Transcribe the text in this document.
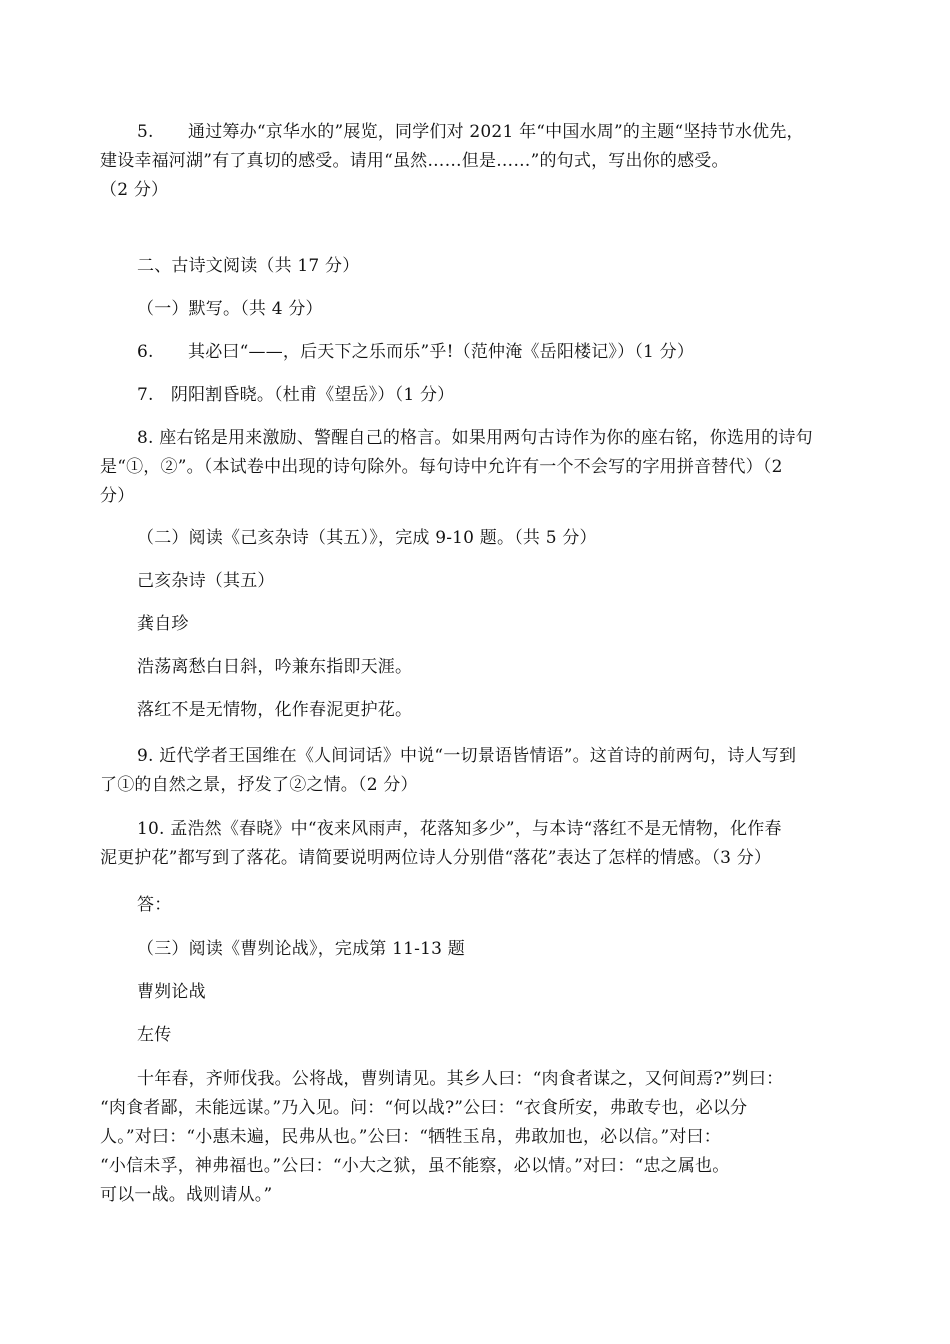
5.　　通过筹办“京华水的”展览，同学们对 2021 年“中国水周”的主题“坚持节水优先，
建设幸福河湖”有了真切的感受。请用“虽然……但是……”的句式，写出你的感受。
（2 分）
二、古诗文阅读（共 17 分）
（一）默写。（共 4 分）
6.　　其必曰“——，后天下之乐而乐”乎!（范仲淹《岳阳楼记》）（1 分）
7.　阴阳割昏晓。（杜甫《望岳》）（1 分）
8. 座右铭是用来激励、警醒自己的格言。如果用两句古诗作为你的座右铭，你选用的诗句
是“①，②”。（本试卷中出现的诗句除外。每句诗中允许有一个不会写的字用拼音替代）（2
分）
（二）阅读《己亥杂诗（其五）》，完成 9-10 题。（共 5 分）
己亥杂诗（其五）
龚自珍
浩荡离愁白日斜，吟兼东指即天涯。
落红不是无情物，化作春泥更护花。
9. 近代学者王国维在《人间词话》中说“一切景语皆情语”。这首诗的前两句，诗人写到
了①的自然之景，抒发了②之情。（2 分）
10. 孟浩然《春晓》中“夜来风雨声，花落知多少”，与本诗“落红不是无情物，化作春
泥更护花”都写到了落花。请简要说明两位诗人分别借“落花”表达了怎样的情感。（3 分）
答：
（三）阅读《曹刿论战》，完成第 11-13 题
曹刿论战
左传
十年春，齐师伐我。公将战，曹刿请见。其乡人曰：“肉食者谋之，又何间焉?”刿曰：
“肉食者鄙，未能远谋。”乃入见。问：“何以战?”公曰：“衣食所安，弗敢专也，必以分
人。”对曰：“小惠未遍，民弗从也。”公曰：“牺牲玉帛，弗敢加也，必以信。”对曰：
“小信未孚，神弗福也。”公曰：“小大之狱，虽不能察，必以情。”对曰：“忠之属也。
可以一战。战则请从。”
